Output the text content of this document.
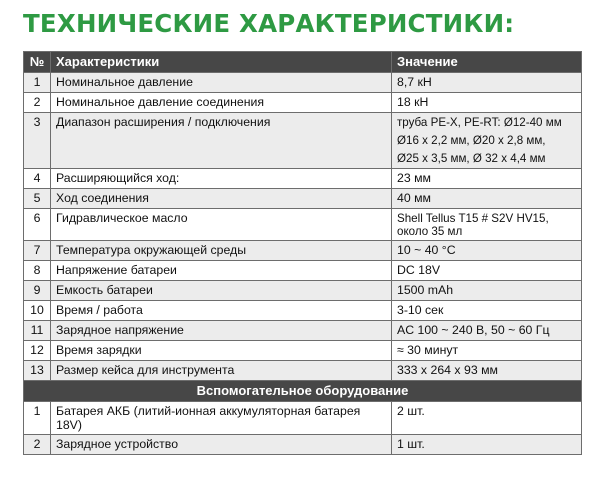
ТЕХНИЧЕСКИЕ ХАРАКТЕРИСТИКИ:
№	Характеристики	Значение
1	Номинальное давление	8,7 кН
2	Номинальное давление соединения	18 кН
3	Диапазон расширения / подключения	труба PE-X, PE-RT: Ø12-40 мм
Ø16 x 2,2 мм, Ø20 x 2,8 мм,
Ø25 x 3,5 мм, Ø 32 x 4,4 мм

4	Расширяющийся ход:	23 мм
5	Ход соединения	40 мм
6	Гидравлическое масло	Shell Tellus T15 # S2V HV15,
около 35 мл

7	Температура окружающей среды	10 ~ 40 °C
8	Напряжение батареи	DC 18V
9	Емкость батареи	1500 mAh
10	Время / работа	3-10 сек
11	Зарядное напряжение	AC 100 ~ 240 В, 50 ~ 60 Гц
12	Время зарядки	≈ 30 минут
13	Размер кейса для инструмента	333 x 264 x 93 мм
Вспомогательное оборудование		
1	Батарея АКБ (литий-ионная аккумуляторная батарея
18V)	2 шт.
2	Зарядное устройство	1 шт.
